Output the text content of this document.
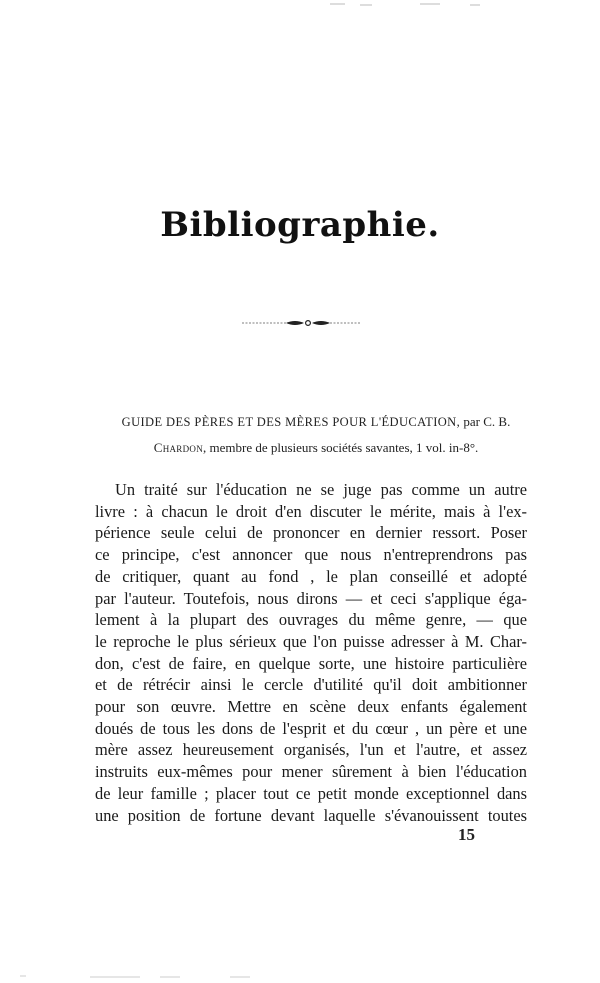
Bibliographie.
GUIDE DES PÈRES ET DES MÈRES POUR L'ÉDUCATION, par C. B.
Chardon, membre de plusieurs sociétés savantes, 1 vol. in-8°.
Un traité sur l'éducation ne se juge pas comme un autre
livre : à chacun le droit d'en discuter le mérite, mais à l'ex-
périence seule celui de prononcer en dernier ressort. Poser
ce principe, c'est annoncer que nous n'entreprendrons pas
de critiquer, quant au fond , le plan conseillé et adopté
par l'auteur. Toutefois, nous dirons — et ceci s'applique éga-
lement à la plupart des ouvrages du même genre, — que
le reproche le plus sérieux que l'on puisse adresser à M. Char-
don, c'est de faire, en quelque sorte, une histoire particulière
et de rétrécir ainsi le cercle d'utilité qu'il doit ambitionner
pour son œuvre. Mettre en scène deux enfants également
doués de tous les dons de l'esprit et du cœur , un père et une
mère assez heureusement organisés, l'un et l'autre, et assez
instruits eux-mêmes pour mener sûrement à bien l'éducation
de leur famille ; placer tout ce petit monde exceptionnel dans
une position de fortune devant laquelle s'évanouissent toutes
15
